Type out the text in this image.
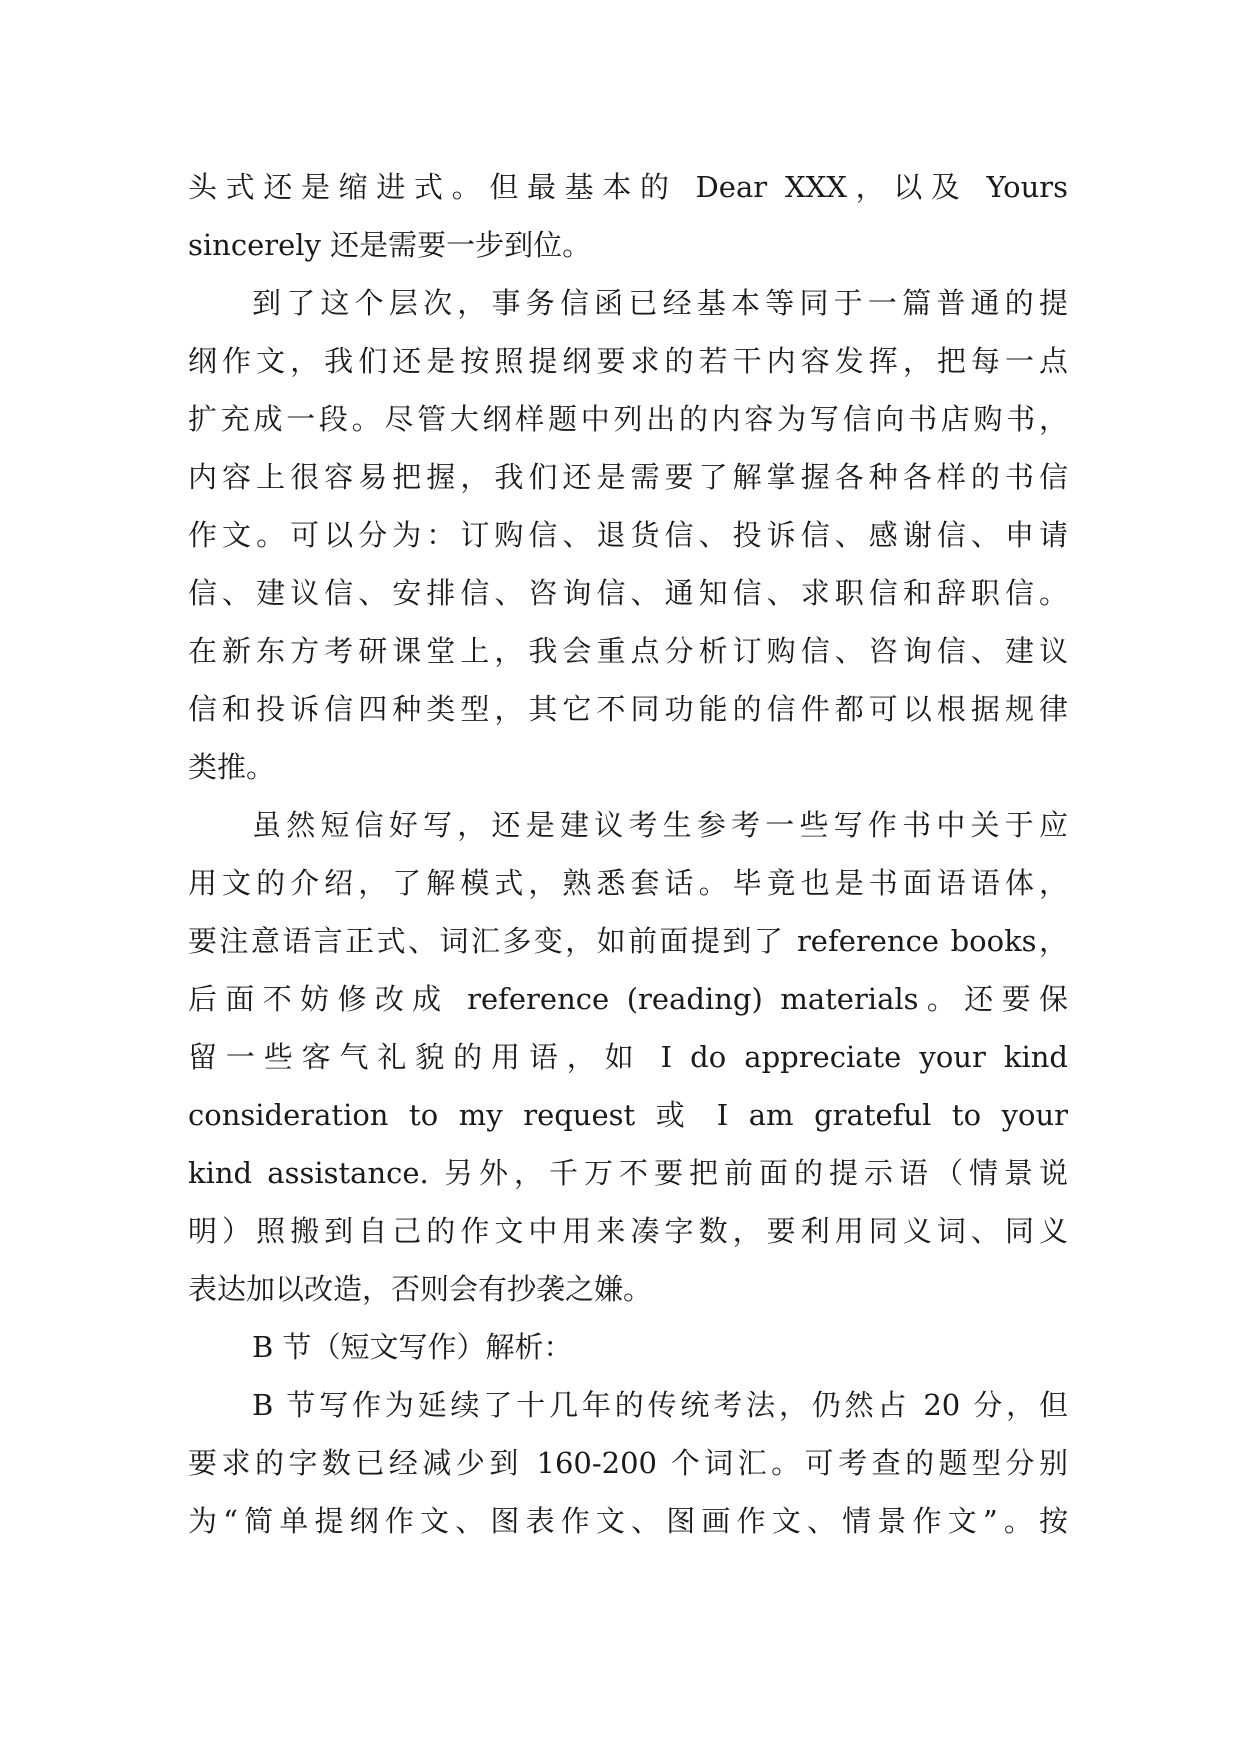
头式还是缩进式。但最基本的 Dear XXX，以及 Yours
sincerely 还是需要一步到位。
到了这个层次，事务信函已经基本等同于一篇普通的提
纲作文，我们还是按照提纲要求的若干内容发挥，把每一点
扩充成一段。尽管大纲样题中列出的内容为写信向书店购书，
内容上很容易把握，我们还是需要了解掌握各种各样的书信
作文。可以分为：订购信、退货信、投诉信、感谢信、申请
信、建议信、安排信、咨询信、通知信、求职信和辞职信。
在新东方考研课堂上，我会重点分析订购信、咨询信、建议
信和投诉信四种类型，其它不同功能的信件都可以根据规律
类推。
虽然短信好写，还是建议考生参考一些写作书中关于应
用文的介绍，了解模式，熟悉套话。毕竟也是书面语语体，
要注意语言正式、词汇多变，如前面提到了 reference books，
后面不妨修改成 reference (reading) materials。还要保
留一些客气礼貌的用语，如 I do appreciate your kind
consideration to my request 或 I am grateful to your
kind assistance. 另外，千万不要把前面的提示语（情景说
明）照搬到自己的作文中用来凑字数，要利用同义词、同义
表达加以改造，否则会有抄袭之嫌。
B 节（短文写作）解析：
B 节写作为延续了十几年的传统考法，仍然占 20 分，但
要求的字数已经减少到 160-200 个词汇。可考查的题型分别
为“简单提纲作文、图表作文、图画作文、情景作文”。按
